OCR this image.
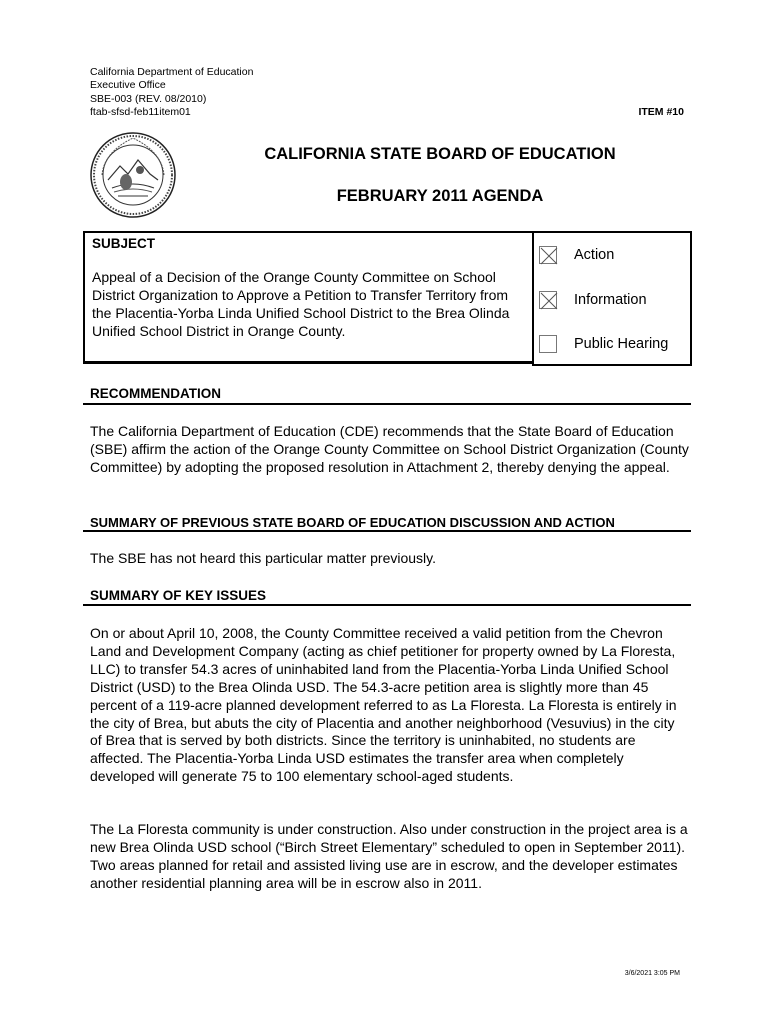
California Department of Education
Executive Office
SBE-003 (REV. 08/2010)
ftab-sfsd-feb11item01	ITEM #10
CALIFORNIA STATE BOARD OF EDUCATION
FEBRUARY 2011 AGENDA
SUBJECT
Appeal of a Decision of the Orange County Committee on School District Organization to Approve a Petition to Transfer Territory from the Placentia-Yorba Linda Unified School District to the Brea Olinda Unified School District in Orange County.
Action
Information
Public Hearing
RECOMMENDATION
The California Department of Education (CDE) recommends that the State Board of Education (SBE) affirm the action of the Orange County Committee on School District Organization (County Committee) by adopting the proposed resolution in Attachment 2, thereby denying the appeal.
SUMMARY OF PREVIOUS STATE BOARD OF EDUCATION DISCUSSION AND ACTION
The SBE has not heard this particular matter previously.
SUMMARY OF KEY ISSUES
On or about April 10, 2008, the County Committee received a valid petition from the Chevron Land and Development Company (acting as chief petitioner for property owned by La Floresta, LLC) to transfer 54.3 acres of uninhabited land from the Placentia-Yorba Linda Unified School District (USD) to the Brea Olinda USD. The 54.3-acre petition area is slightly more than 45 percent of a 119-acre planned development referred to as La Floresta. La Floresta is entirely in the city of Brea, but abuts the city of Placentia and another neighborhood (Vesuvius) in the city of Brea that is served by both districts. Since the territory is uninhabited, no students are affected. The Placentia-Yorba Linda USD estimates the transfer area when completely developed will generate 75 to 100 elementary school-aged students.
The La Floresta community is under construction. Also under construction in the project area is a new Brea Olinda USD school (“Birch Street Elementary” scheduled to open in September 2011). Two areas planned for retail and assisted living use are in escrow, and the developer estimates another residential planning area will be in escrow also in 2011.
3/6/2021 3:05 PM
